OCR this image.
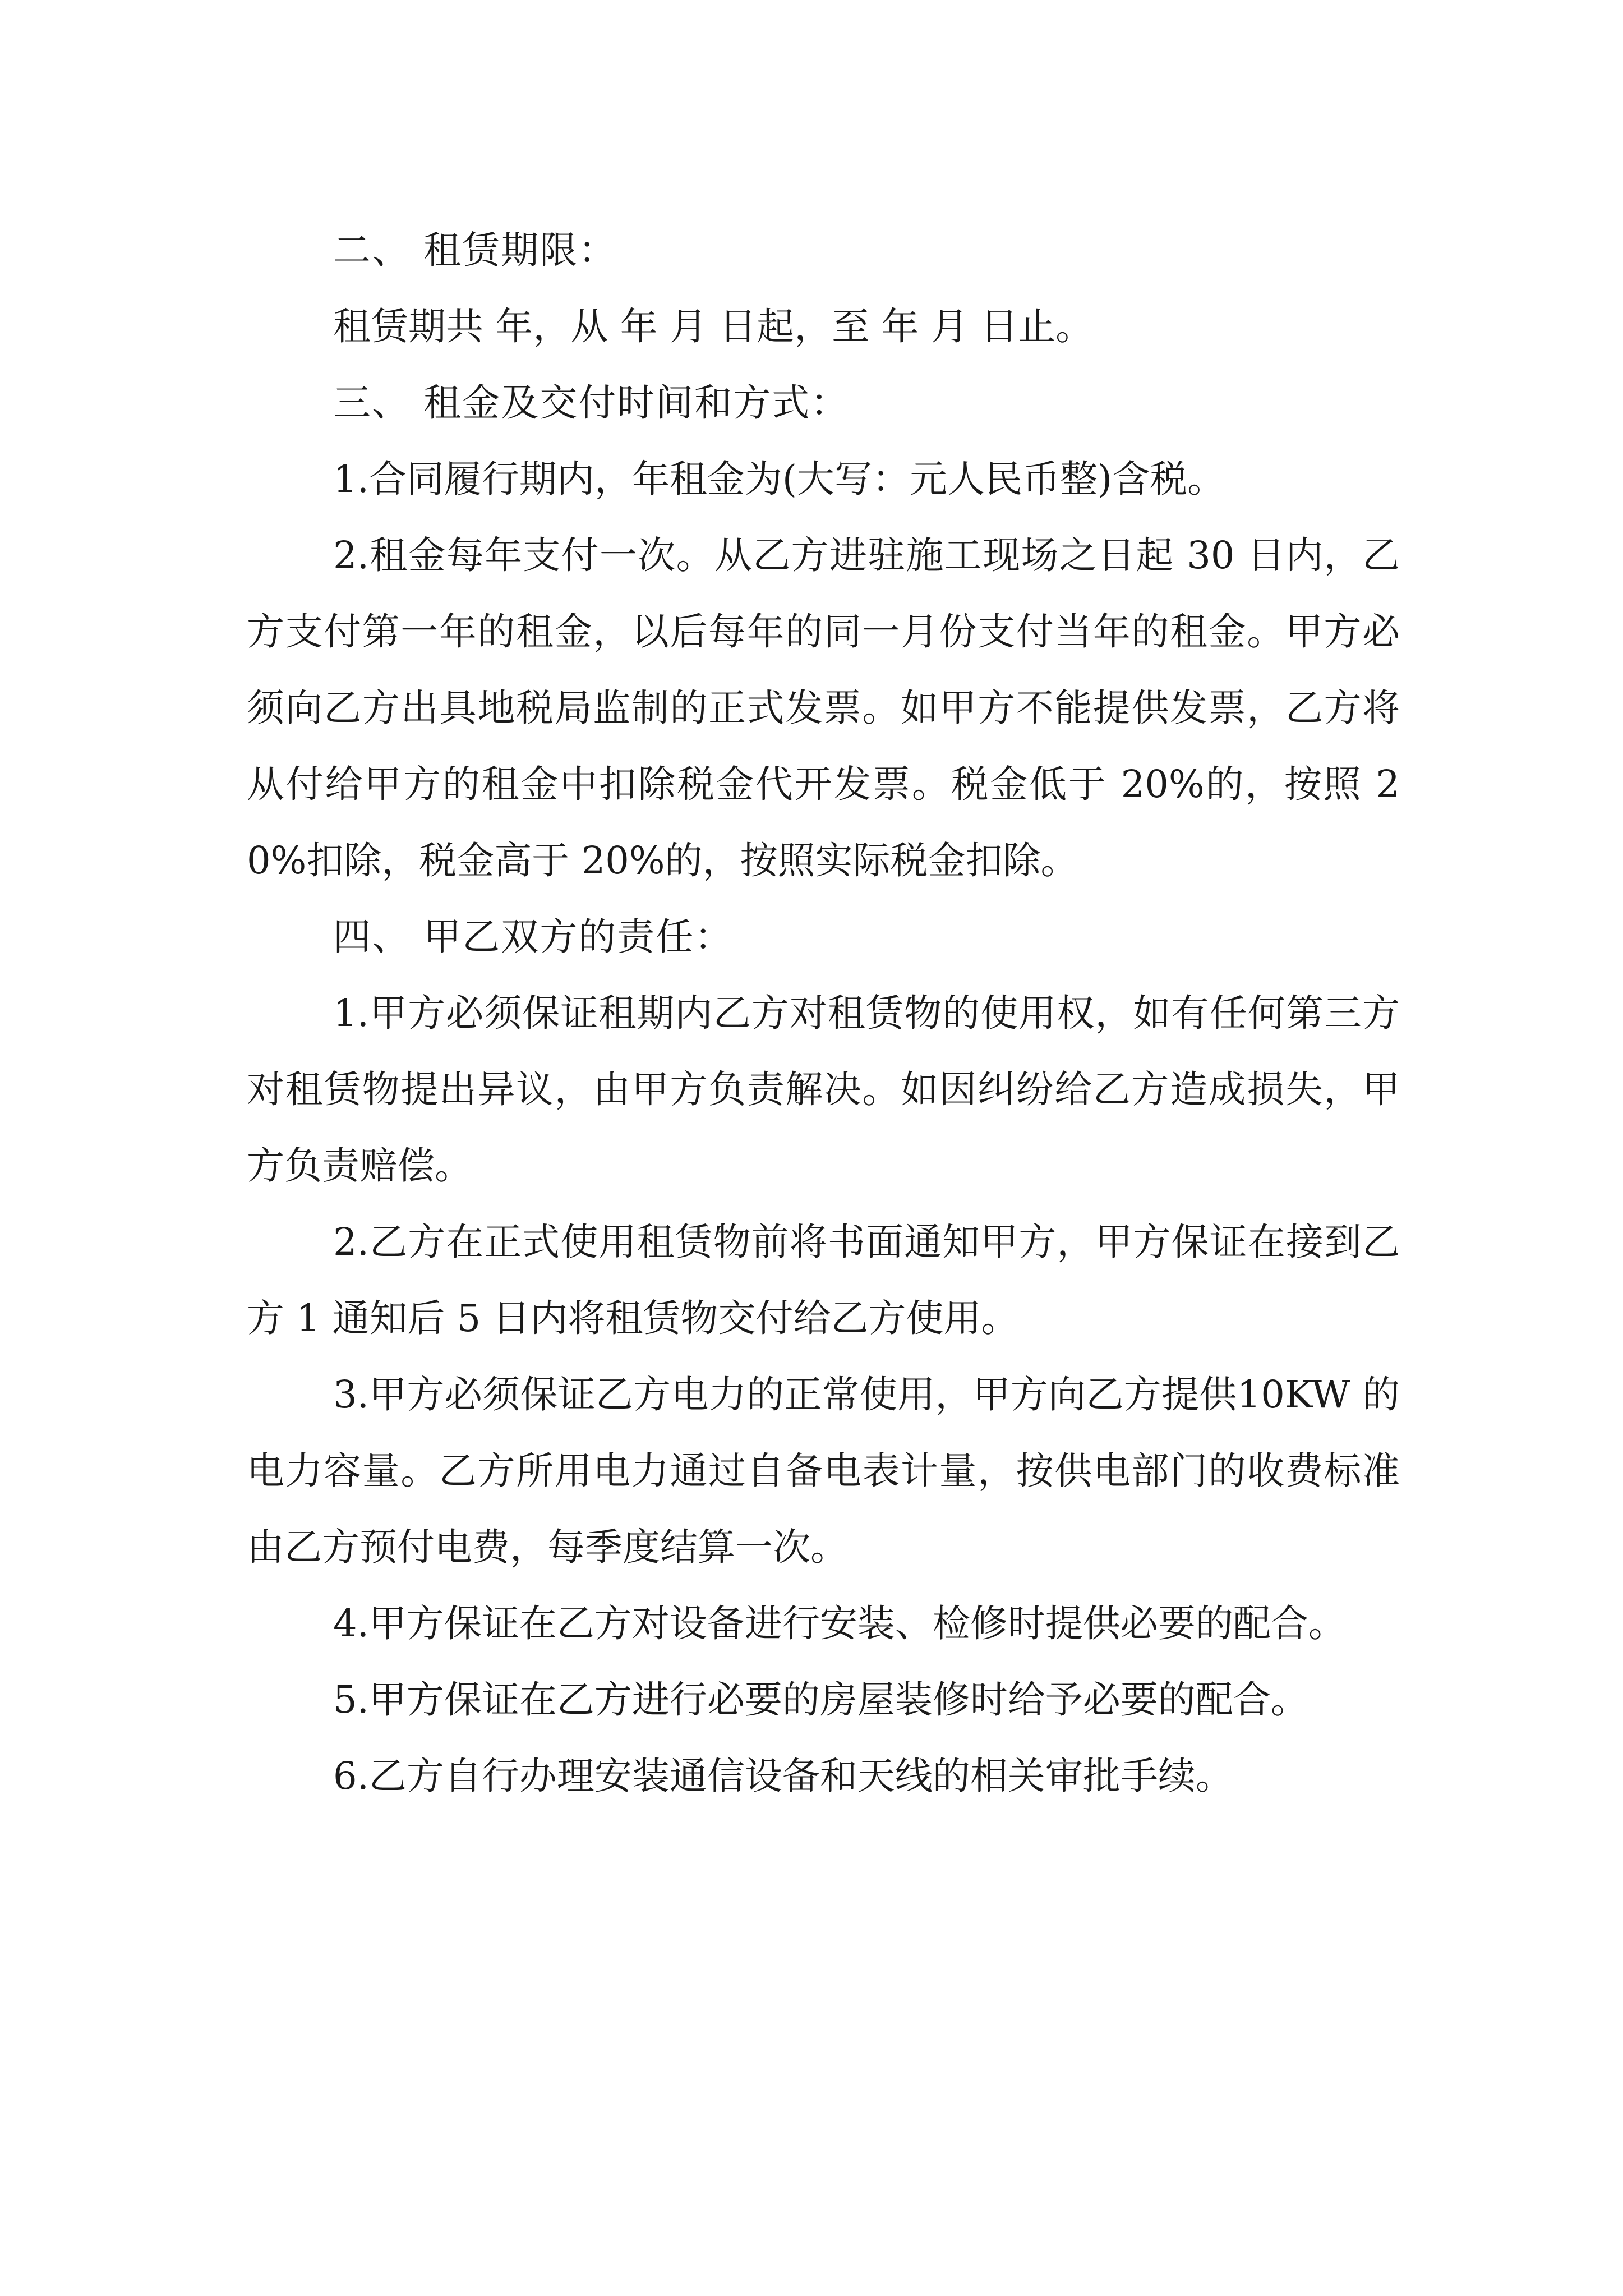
二、 租赁期限：

租赁期共 年，从 年 月 日起，至 年 月 日止。

三、 租金及交付时间和方式：

1.合同履行期内，年租金为(大写：元人民币整)含税。

2.租金每年支付一次。从乙方进驻施工现场之日起 30 日内，乙方支付第一年的租金，以后每年的同一月份支付当年的租金。甲方必须向乙方出具地税局监制的正式发票。如甲方不能提供发票，乙方将从付给甲方的租金中扣除税金代开发票。税金低于 20%的，按照 20%扣除，税金高于 20%的，按照实际税金扣除。

四、 甲乙双方的责任：

1.甲方必须保证租期内乙方对租赁物的使用权，如有任何第三方对租赁物提出异议，由甲方负责解决。如因纠纷给乙方造成损失，甲方负责赔偿。

2.乙方在正式使用租赁物前将书面通知甲方，甲方保证在接到乙方 1 通知后 5 日内将租赁物交付给乙方使用。

3.甲方必须保证乙方电力的正常使用，甲方向乙方提供10KW 的电力容量。乙方所用电力通过自备电表计量，按供电部门的收费标准由乙方预付电费，每季度结算一次。

4.甲方保证在乙方对设备进行安装、检修时提供必要的配合。

5.甲方保证在乙方进行必要的房屋装修时给予必要的配合。

6.乙方自行办理安装通信设备和天线的相关审批手续。
